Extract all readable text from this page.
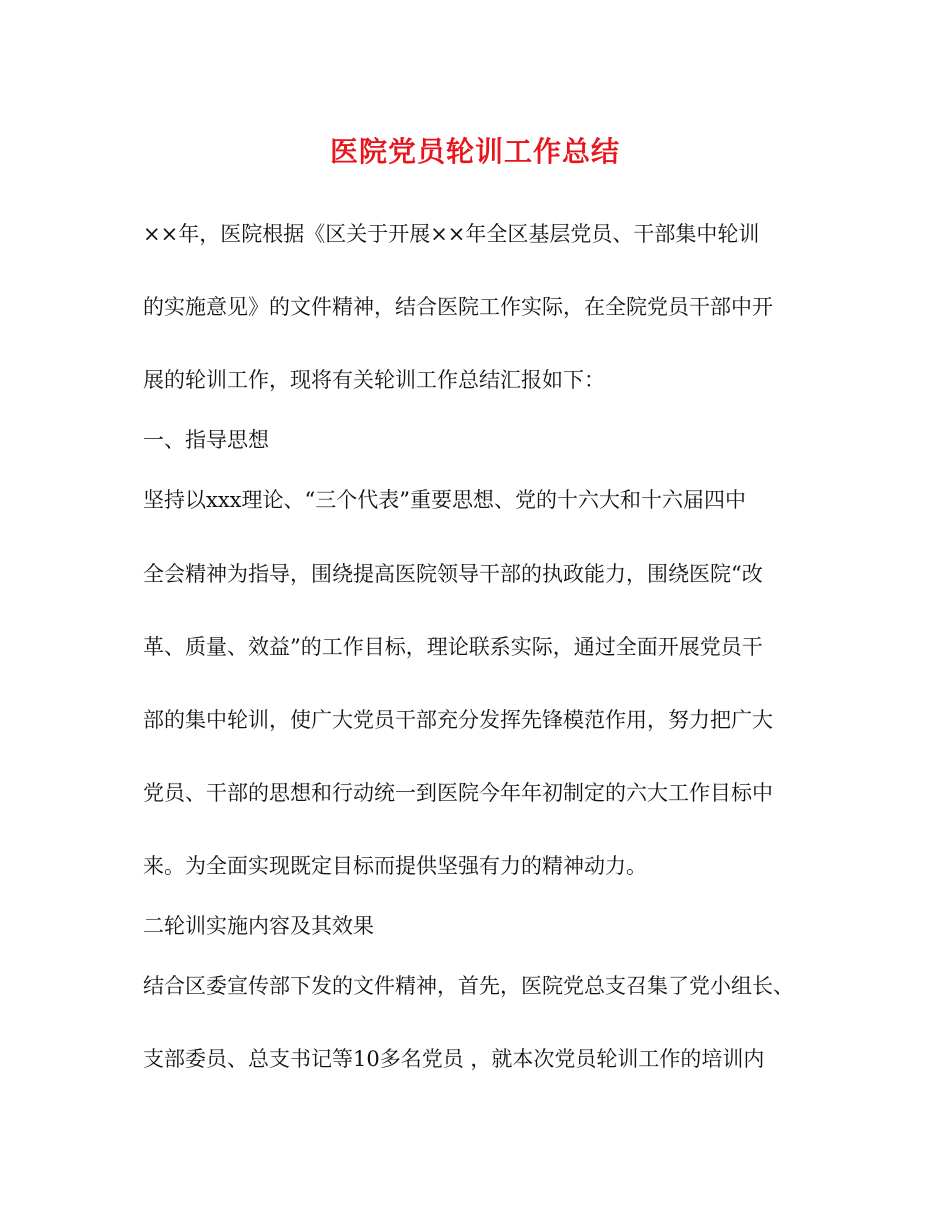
医院党员轮训工作总结
××年，医院根据《区关于开展××年全区基层党员、干部集中轮训
的实施意见》的文件精神，结合医院工作实际，在全院党员干部中开
展的轮训工作，现将有关轮训工作总结汇报如下：
一、指导思想
坚持以xxx理论、“三个代表”重要思想、党的十六大和十六届四中
全会精神为指导，围绕提高医院领导干部的执政能力，围绕医院“改
革、质量、效益”的工作目标，理论联系实际，通过全面开展党员干
部的集中轮训，使广大党员干部充分发挥先锋模范作用，努力把广大
党员、干部的思想和行动统一到医院今年年初制定的六大工作目标中
来。为全面实现既定目标而提供坚强有力的精神动力。
二轮训实施内容及其效果
结合区委宣传部下发的文件精神，首先，医院党总支召集了党小组长、
支部委员、总支书记等10多名党员 ，就本次党员轮训工作的培训内
